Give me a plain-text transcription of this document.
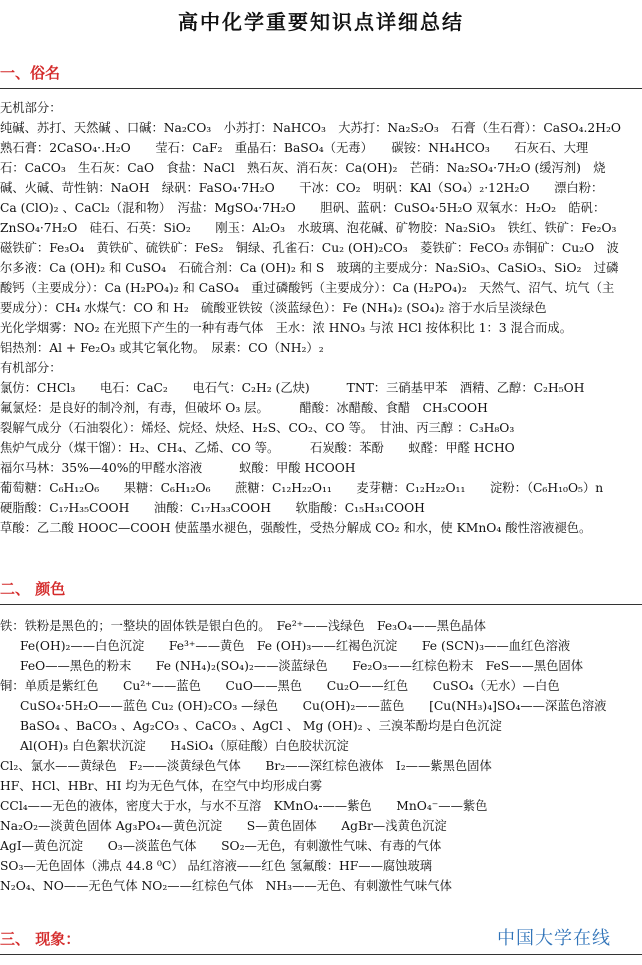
高中化学重要知识点详细总结
一、俗名
无机部分：
纯碱、苏打、天然碱 、口碱：Na₂CO₃　小苏打：NaHCO₃　大苏打：Na₂S₂O₃　石膏（生石膏）：CaSO₄.2H₂O
熟石膏：2CaSO₄·.H₂O　　莹石：CaF₂　重晶石：BaSO₄（无毒）　　碳铵：NH₄HCO₃　　石灰石、大理
石：CaCO₃　生石灰：CaO　食盐：NaCl　熟石灰、消石灰：Ca(OH)₂　芒硝：Na₂SO₄·7H₂O (缓泻剂)　烧
碱、火碱、苛性钠：NaOH　绿矾：FaSO₄·7H₂O　　干冰：CO₂　明矾：KAl（SO₄）₂·12H₂O　　漂白粉：
Ca (ClO)₂ 、CaCl₂（混和物）　泻盐：MgSO₄·7H₂O　　胆矾、蓝矾：CuSO₄·5H₂O 双氧水：H₂O₂　皓矾：
ZnSO₄·7H₂O　硅石、石英：SiO₂　　刚玉：Al₂O₃　水玻璃、泡花碱、矿物胶：Na₂SiO₃　铁红、铁矿：Fe₂O₃
磁铁矿：Fe₃O₄　黄铁矿、硫铁矿：FeS₂　铜绿、孔雀石：Cu₂ (OH)₂CO₃　菱铁矿：FeCO₃ 赤铜矿：Cu₂O　波
尔多液：Ca (OH)₂ 和 CuSO₄　石硫合剂：Ca (OH)₂ 和 S　玻璃的主要成分：Na₂SiO₃、CaSiO₃、SiO₂　过磷
酸钙（主要成分）：Ca (H₂PO₄)₂ 和 CaSO₄　重过磷酸钙（主要成分）：Ca (H₂PO₄)₂　天然气、沼气、坑气（主
要成分）：CH₄ 水煤气：CO 和 H₂　硫酸亚铁铵（淡蓝绿色）：Fe (NH₄)₂ (SO₄)₂ 溶于水后呈淡绿色
光化学烟雾：NO₂ 在光照下产生的一种有毒气体　王水：浓 HNO₃ 与浓 HCl 按体积比 1：3 混合而成。
铝热剂：Al + Fe₂O₃ 或其它氧化物。　尿素：CO（NH₂）₂
有机部分：
氯仿：CHCl₃　　电石：CaC₂　　电石气：C₂H₂ (乙炔)　　　TNT：三硝基甲苯　酒精、乙醇：C₂H₅OH
氟氯烃：是良好的制冷剂，有毒，但破坏 O₃ 层。　　　醋酸：冰醋酸、食醋　CH₃COOH
裂解气成分（石油裂化）：烯烃、烷烃、炔烃、H₂S、CO₂、CO 等。　甘油、丙三醇 ：C₃H₈O₃
焦炉气成分（煤干馏）：H₂、CH₄、乙烯、CO 等。　　　石炭酸：苯酚　　蚁醛：甲醛 HCHO
福尔马林：35%—40%的甲醛水溶液　　　蚁酸：甲酸 HCOOH
葡萄糖：C₆H₁₂O₆　　果糖：C₆H₁₂O₆　　蔗糖：C₁₂H₂₂O₁₁　　麦芽糖：C₁₂H₂₂O₁₁　　淀粉：（C₆H₁₀O₅）n
硬脂酸：C₁₇H₃₅COOH　　油酸：C₁₇H₃₃COOH　　软脂酸：C₁₅H₃₁COOH
草酸：乙二酸 HOOC—COOH 使蓝墨水褪色，强酸性，受热分解成 CO₂ 和水，使 KMnO₄ 酸性溶液褪色。
二、 颜色
铁：铁粉是黑色的；一整块的固体铁是银白色的。　Fe²⁺——浅绿色　Fe₃O₄——黑色晶体
Fe(OH)₂——白色沉淀　　Fe³⁺——黄色　Fe (OH)₃——红褐色沉淀　　Fe (SCN)₃——血红色溶液
FeO——黑色的粉末　　Fe (NH₄)₂(SO₄)₂——淡蓝绿色　　Fe₂O₃——红棕色粉末　FeS——黑色固体
铜：单质是紫红色　　Cu²⁺——蓝色　　CuO——黑色　　Cu₂O——红色　　CuSO₄（无水）—白色
CuSO₄·5H₂O——蓝色 Cu₂ (OH)₂CO₃ —绿色　　Cu(OH)₂——蓝色　　[Cu(NH₃)₄]SO₄——深蓝色溶液
BaSO₄ 、BaCO₃ 、Ag₂CO₃ 、CaCO₃ 、AgCl 、 Mg (OH)₂ 、三溴苯酚均是白色沉淀
Al(OH)₃ 白色絮状沉淀　　H₄SiO₄（原硅酸）白色胶状沉淀
Cl₂、氯水——黄绿色　F₂——淡黄绿色气体　　Br₂——深红棕色液体　I₂——紫黑色固体
HF、HCl、HBr、HI 均为无色气体，在空气中均形成白雾
CCl₄——无色的液体，密度大于水，与水不互溶　KMnO₄-——紫色　　MnO₄⁻——紫色
Na₂O₂—淡黄色固体 Ag₃PO₄—黄色沉淀　　S—黄色固体　　AgBr—浅黄色沉淀
AgI—黄色沉淀　　O₃—淡蓝色气体　　SO₂—无色，有刺激性气味、有毒的气体
SO₃—无色固体（沸点 44.8 ⁰C） 品红溶液——红色 氢氟酸：HF——腐蚀玻璃
N₂O₄、NO——无色气体 NO₂——红棕色气体　NH₃——无色、有刺激性气味气体
三、 现象：	中国大学在线
